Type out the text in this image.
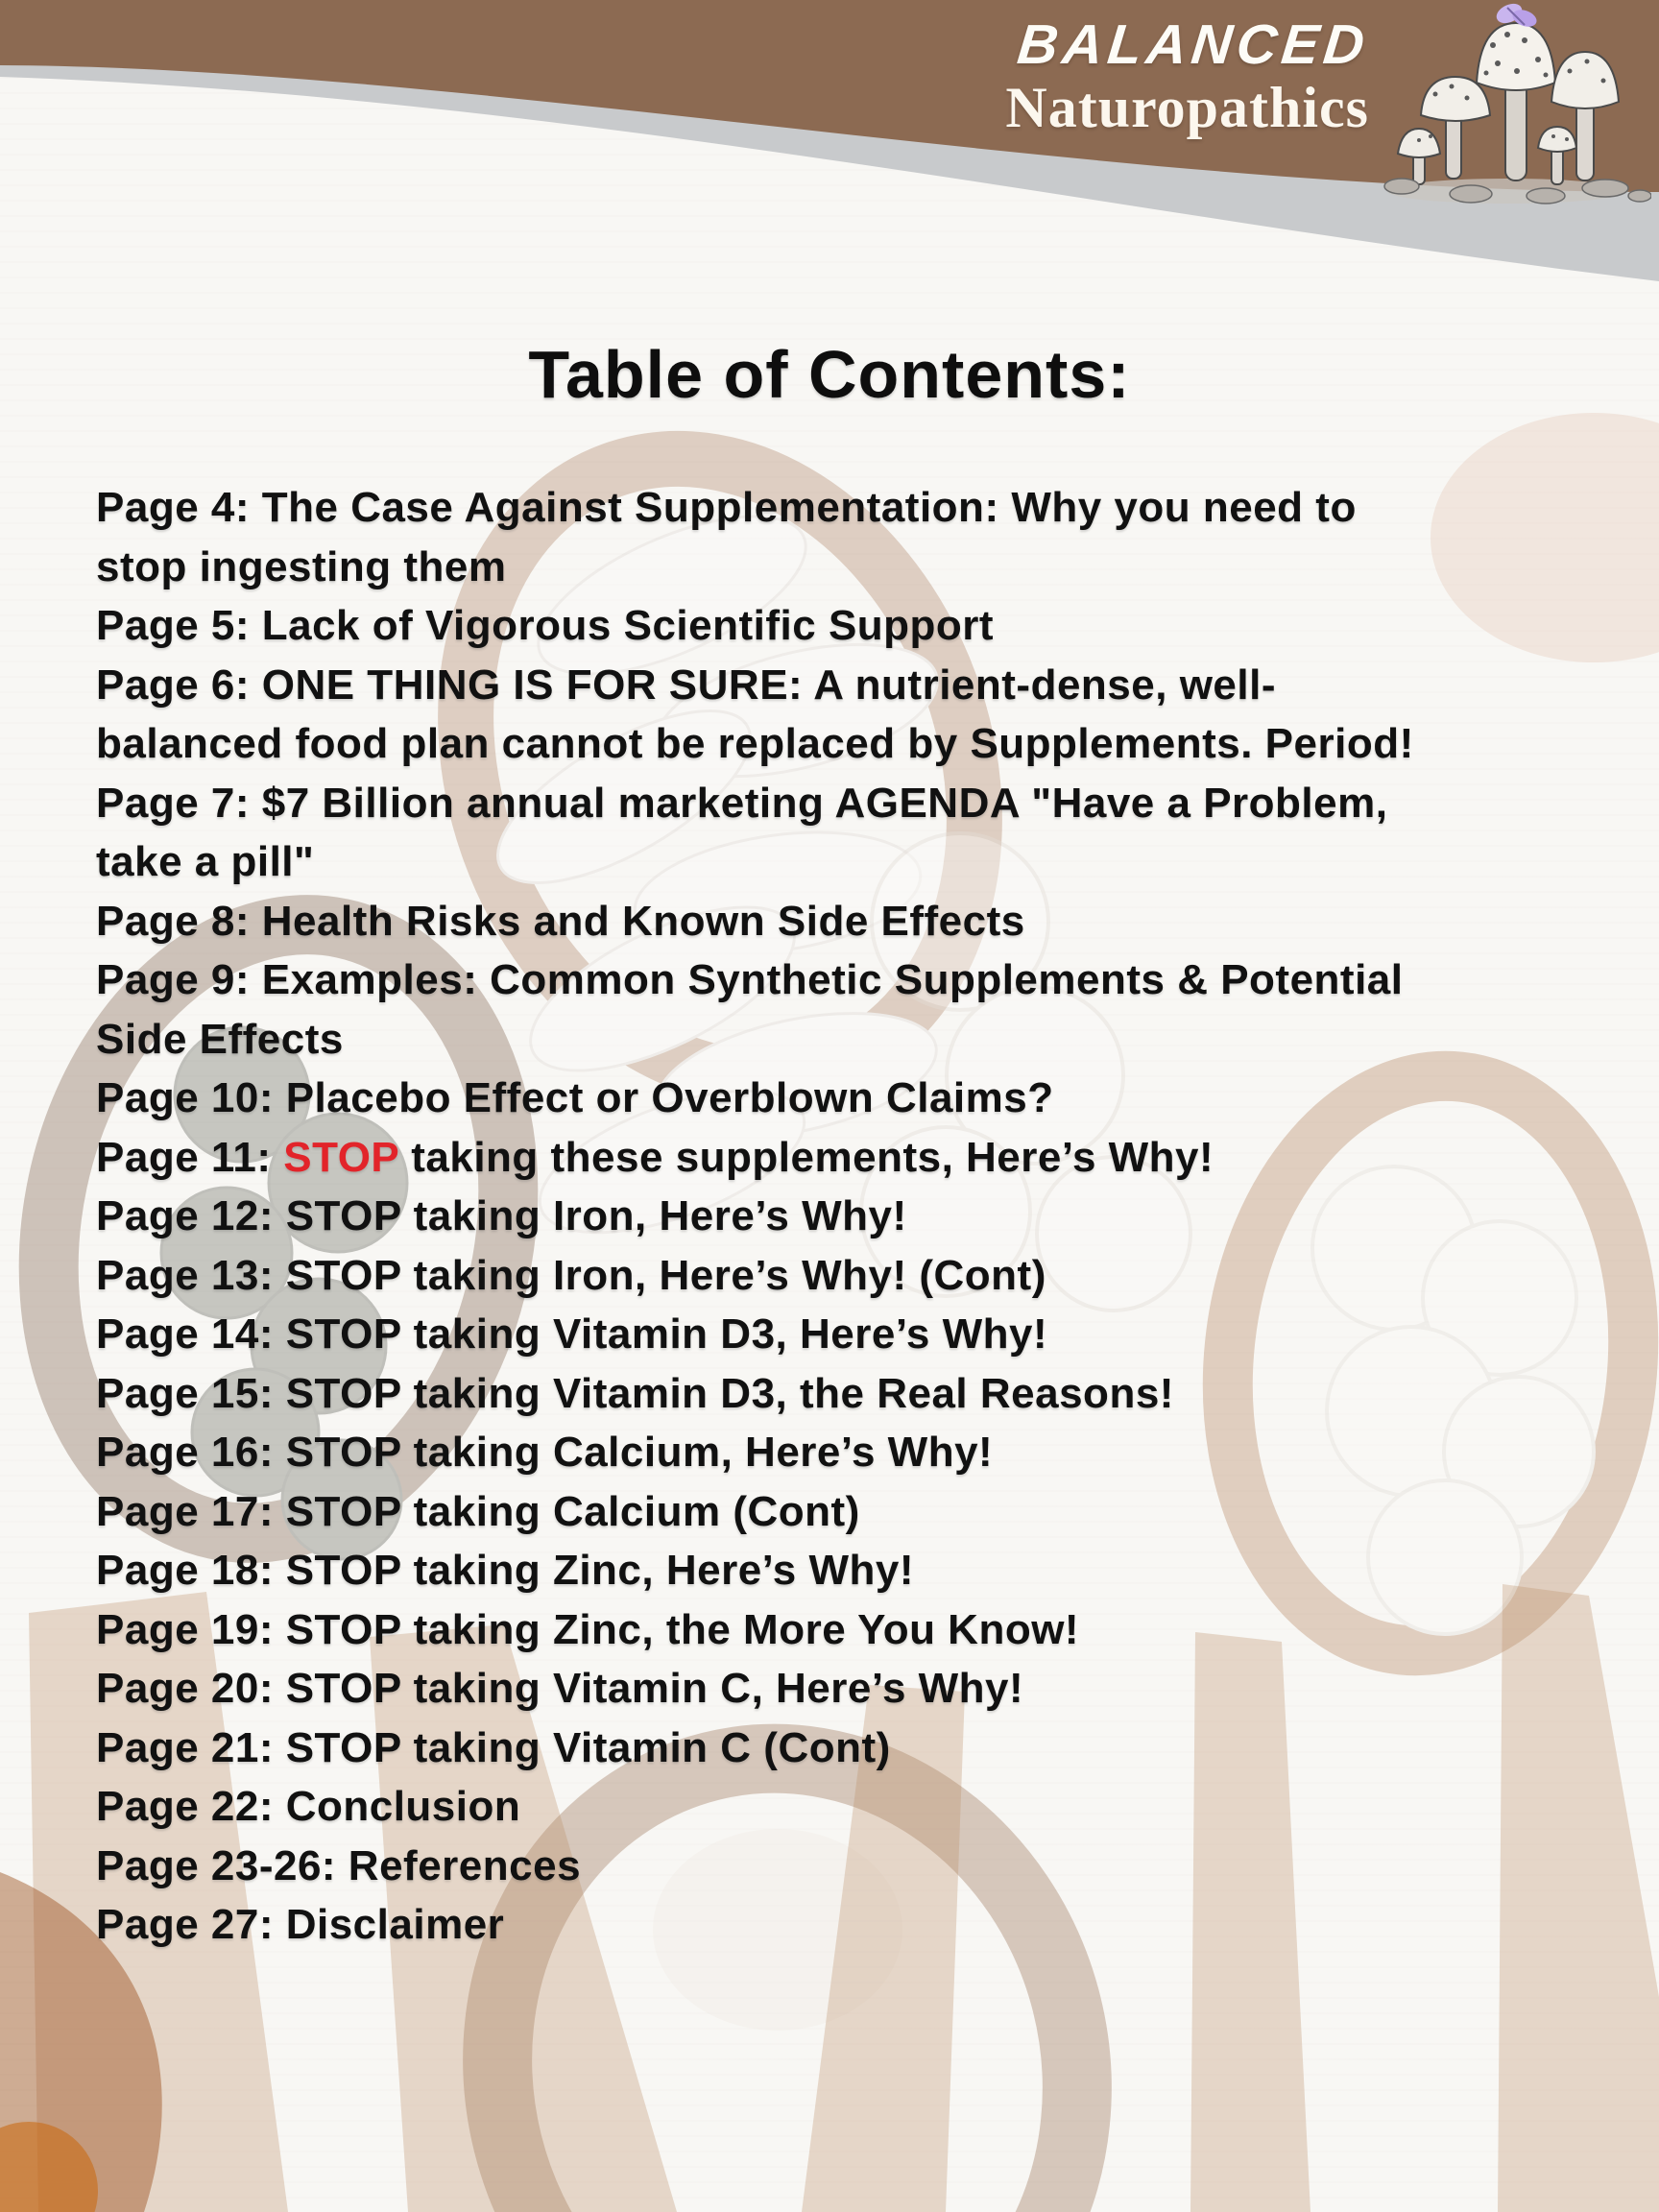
BALANCED
Naturopathics
Table of Contents:
Page 4: The Case Against Supplementation: Why you need to
stop ingesting them
Page 5: Lack of Vigorous Scientific Support
Page 6: ONE THING IS FOR SURE: A nutrient-dense, well-
balanced food plan cannot be replaced by Supplements. Period!
Page 7: $7 Billion annual marketing AGENDA "Have a Problem,
take a pill"
Page 8: Health Risks and Known Side Effects
Page 9: Examples: Common Synthetic Supplements & Potential
Side Effects
Page 10: Placebo Effect or Overblown Claims?
Page 11: STOP taking these supplements, Here’s Why!
Page 12: STOP taking Iron, Here’s Why!
Page 13: STOP taking Iron, Here’s Why! (Cont)
Page 14: STOP taking Vitamin D3, Here’s Why!
Page 15: STOP taking Vitamin D3, the Real Reasons!
Page 16: STOP taking Calcium, Here’s Why!
Page 17: STOP taking Calcium (Cont)
Page 18: STOP taking Zinc, Here’s Why!
Page 19: STOP taking Zinc, the More You Know!
Page 20: STOP taking Vitamin C, Here’s Why!
Page 21: STOP taking Vitamin C (Cont)
Page 22: Conclusion
Page 23-26: References
Page 27: Disclaimer
